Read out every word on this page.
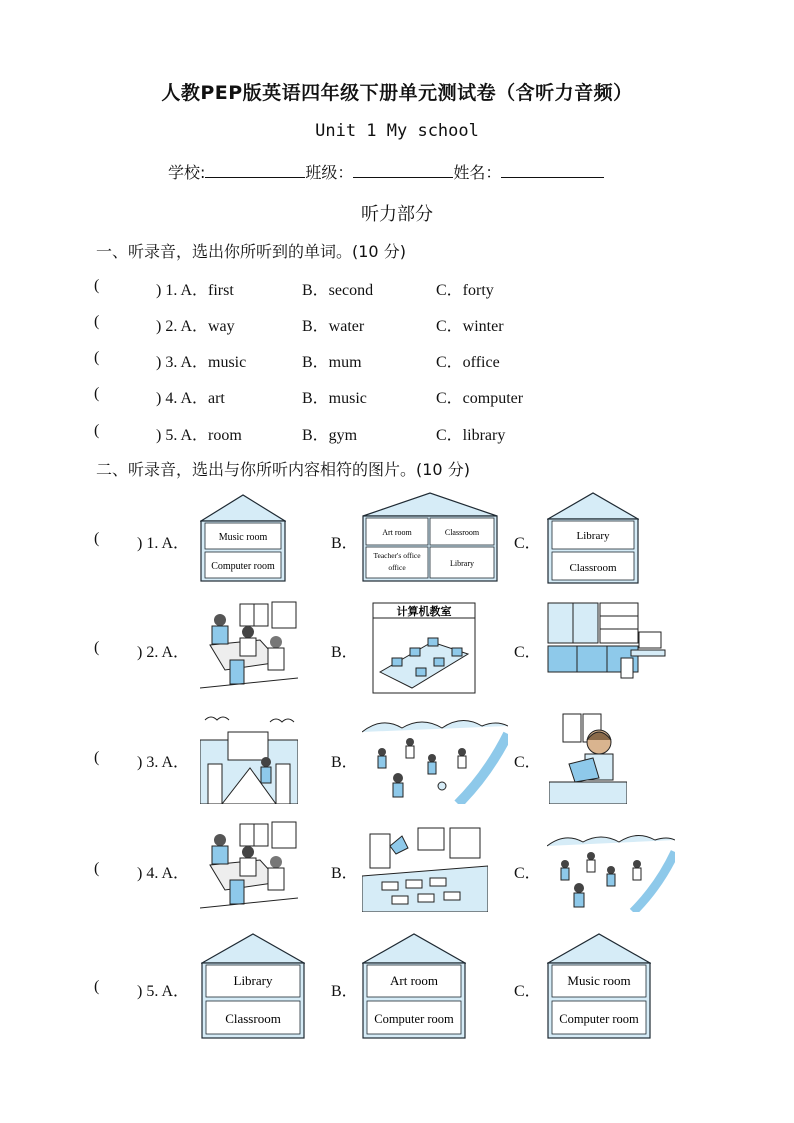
人教PEP版英语四年级下册单元测试卷（含听力音频）
Unit 1 My school
学校:	班级：	姓名：
听力部分
一、听录音，选出你所听到的单词。(10 分)
(	) 1. A．first	B．second	C．forty
(	) 2. A．way	B．water	C．winter
(	) 3. A．music	B．mum	C．office
(	) 4. A．art	B．music	C．computer
(	) 5. A．room	B．gym	C．library
二、听录音，选出与你所听内容相符的图片。(10 分)
( ) 1. A．	B．	C．
( ) 2. A．	B．	C．
( ) 3. A．	B．	C．
( ) 4. A．	B．	C．
( ) 5. A．	B．	C．
Music room
Computer room
Art room	Classroom
Teacher's office
office	Library
Library
Classroom
计算机教室
Library
Classroom
Art room
Computer room
Music room
Computer room
